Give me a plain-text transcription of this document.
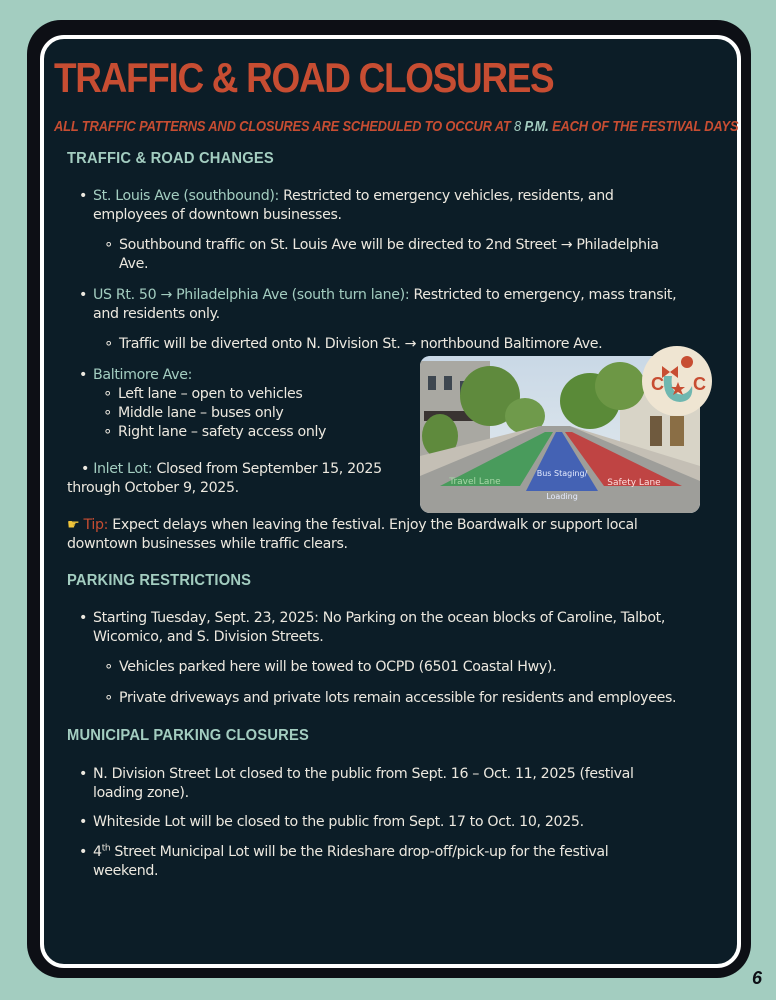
TRAFFIC & ROAD CLOSURES
ALL TRAFFIC PATTERNS AND CLOSURES ARE SCHEDULED TO OCCUR AT 8 P.M. EACH OF THE FESTIVAL DAYS
TRAFFIC & ROAD CHANGES
• St. Louis Ave (southbound): Restricted to emergency vehicles, residents, and
employees of downtown businesses.
∘ Southbound traffic on St. Louis Ave will be directed to 2nd Street → Philadelphia
Ave.
• US Rt. 50 → Philadelphia Ave (south turn lane): Restricted to emergency, mass transit,
and residents only.
∘ Traffic will be diverted onto N. Division St. → northbound Baltimore Ave.
• Baltimore Ave:
∘ Left lane – open to vehicles
∘ Middle lane – buses only
∘ Right lane – safety access only
• Inlet Lot: Closed from September 15, 2025
through October 9, 2025.	Travel Lane
Bus Staging/
Loading
Safety Lane
C C
☛ Tip: Expect delays when leaving the festival. Enjoy the Boardwalk or support local
downtown businesses while traffic clears.
PARKING RESTRICTIONS
• Starting Tuesday, Sept. 23, 2025: No Parking on the ocean blocks of Caroline, Talbot,
Wicomico, and S. Division Streets.
∘ Vehicles parked here will be towed to OCPD (6501 Coastal Hwy).
∘ Private driveways and private lots remain accessible for residents and employees.
MUNICIPAL PARKING CLOSURES
• N. Division Street Lot closed to the public from Sept. 16 – Oct. 11, 2025 (festival
loading zone).
• Whiteside Lot will be closed to the public from Sept. 17 to Oct. 10, 2025.
• 4th Street Municipal Lot will be the Rideshare drop-off/pick-up for the festival
weekend.
6
